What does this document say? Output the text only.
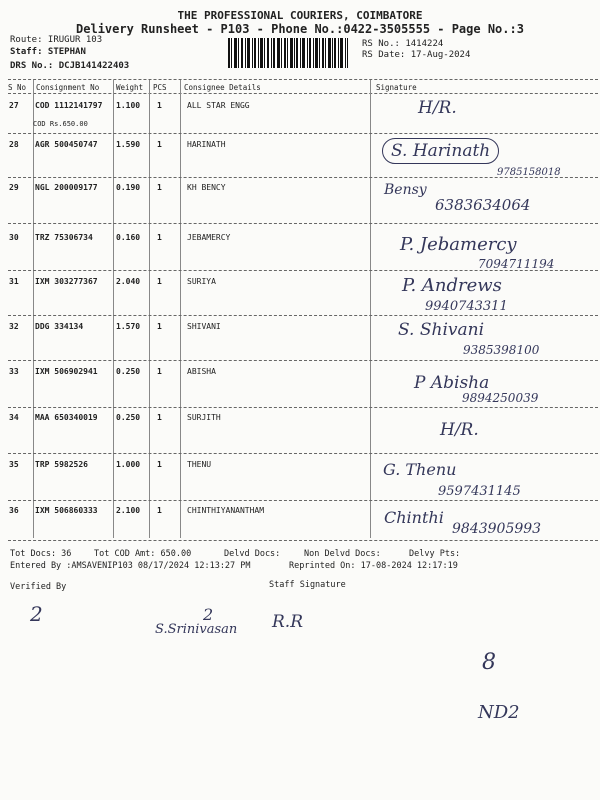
THE PROFESSIONAL COURIERS, COIMBATORE
Delivery Runsheet - P103 - Phone No.:0422-3505555 - Page No.:3
Route: IRUGUR 103
Staff: STEPHAN
DRS No.: DCJB141422403
RS No.: 1414224
RS Date: 17-Aug-2024
S No Consignment No Weight PCS Consignee Details	Signature
27 COD 1112141797 1.100 1	ALL STAR ENGG
COD Rs.650.00
H/R.
28 AGR 500450747 1.590 1	HARINATH	S. Harinath
9785158018
29 NGL 200009177 0.190 1	KH BENCY	Bensy
6383634064
30 TRZ 75306734	0.160 1	JEBAMERCY	P. Jebamercy
7094711194
31 IXM 303277367 2.040 1	SURIYA	P. Andrews
9940743311
32 DDG 334134	1.570 1	SHIVANI	S. Shivani
9385398100
33 IXM 506902941 0.250 1	ABISHA
P Abisha
9894250039
34 MAA 650340019 0.250 1	SURJITH
H/R.
35 TRP 5982526	1.000 1	THENU	G. Thenu
9597431145
36 IXM 506860333 2.100 1	CHINTHIYANANTHAM	Chinthi
9843905993
Tot Docs: 36	Tot COD Amt: 650.00	Delvd Docs:	Non Delvd Docs:	Delvy Pts:
Entered By :AMSAVENIP103 08/17/2024 12:13:27 PM	Reprinted On: 17-08-2024 12:17:19
Verified By	Staff Signature
2	2
S.Srinivasan R.R
8
ND2
